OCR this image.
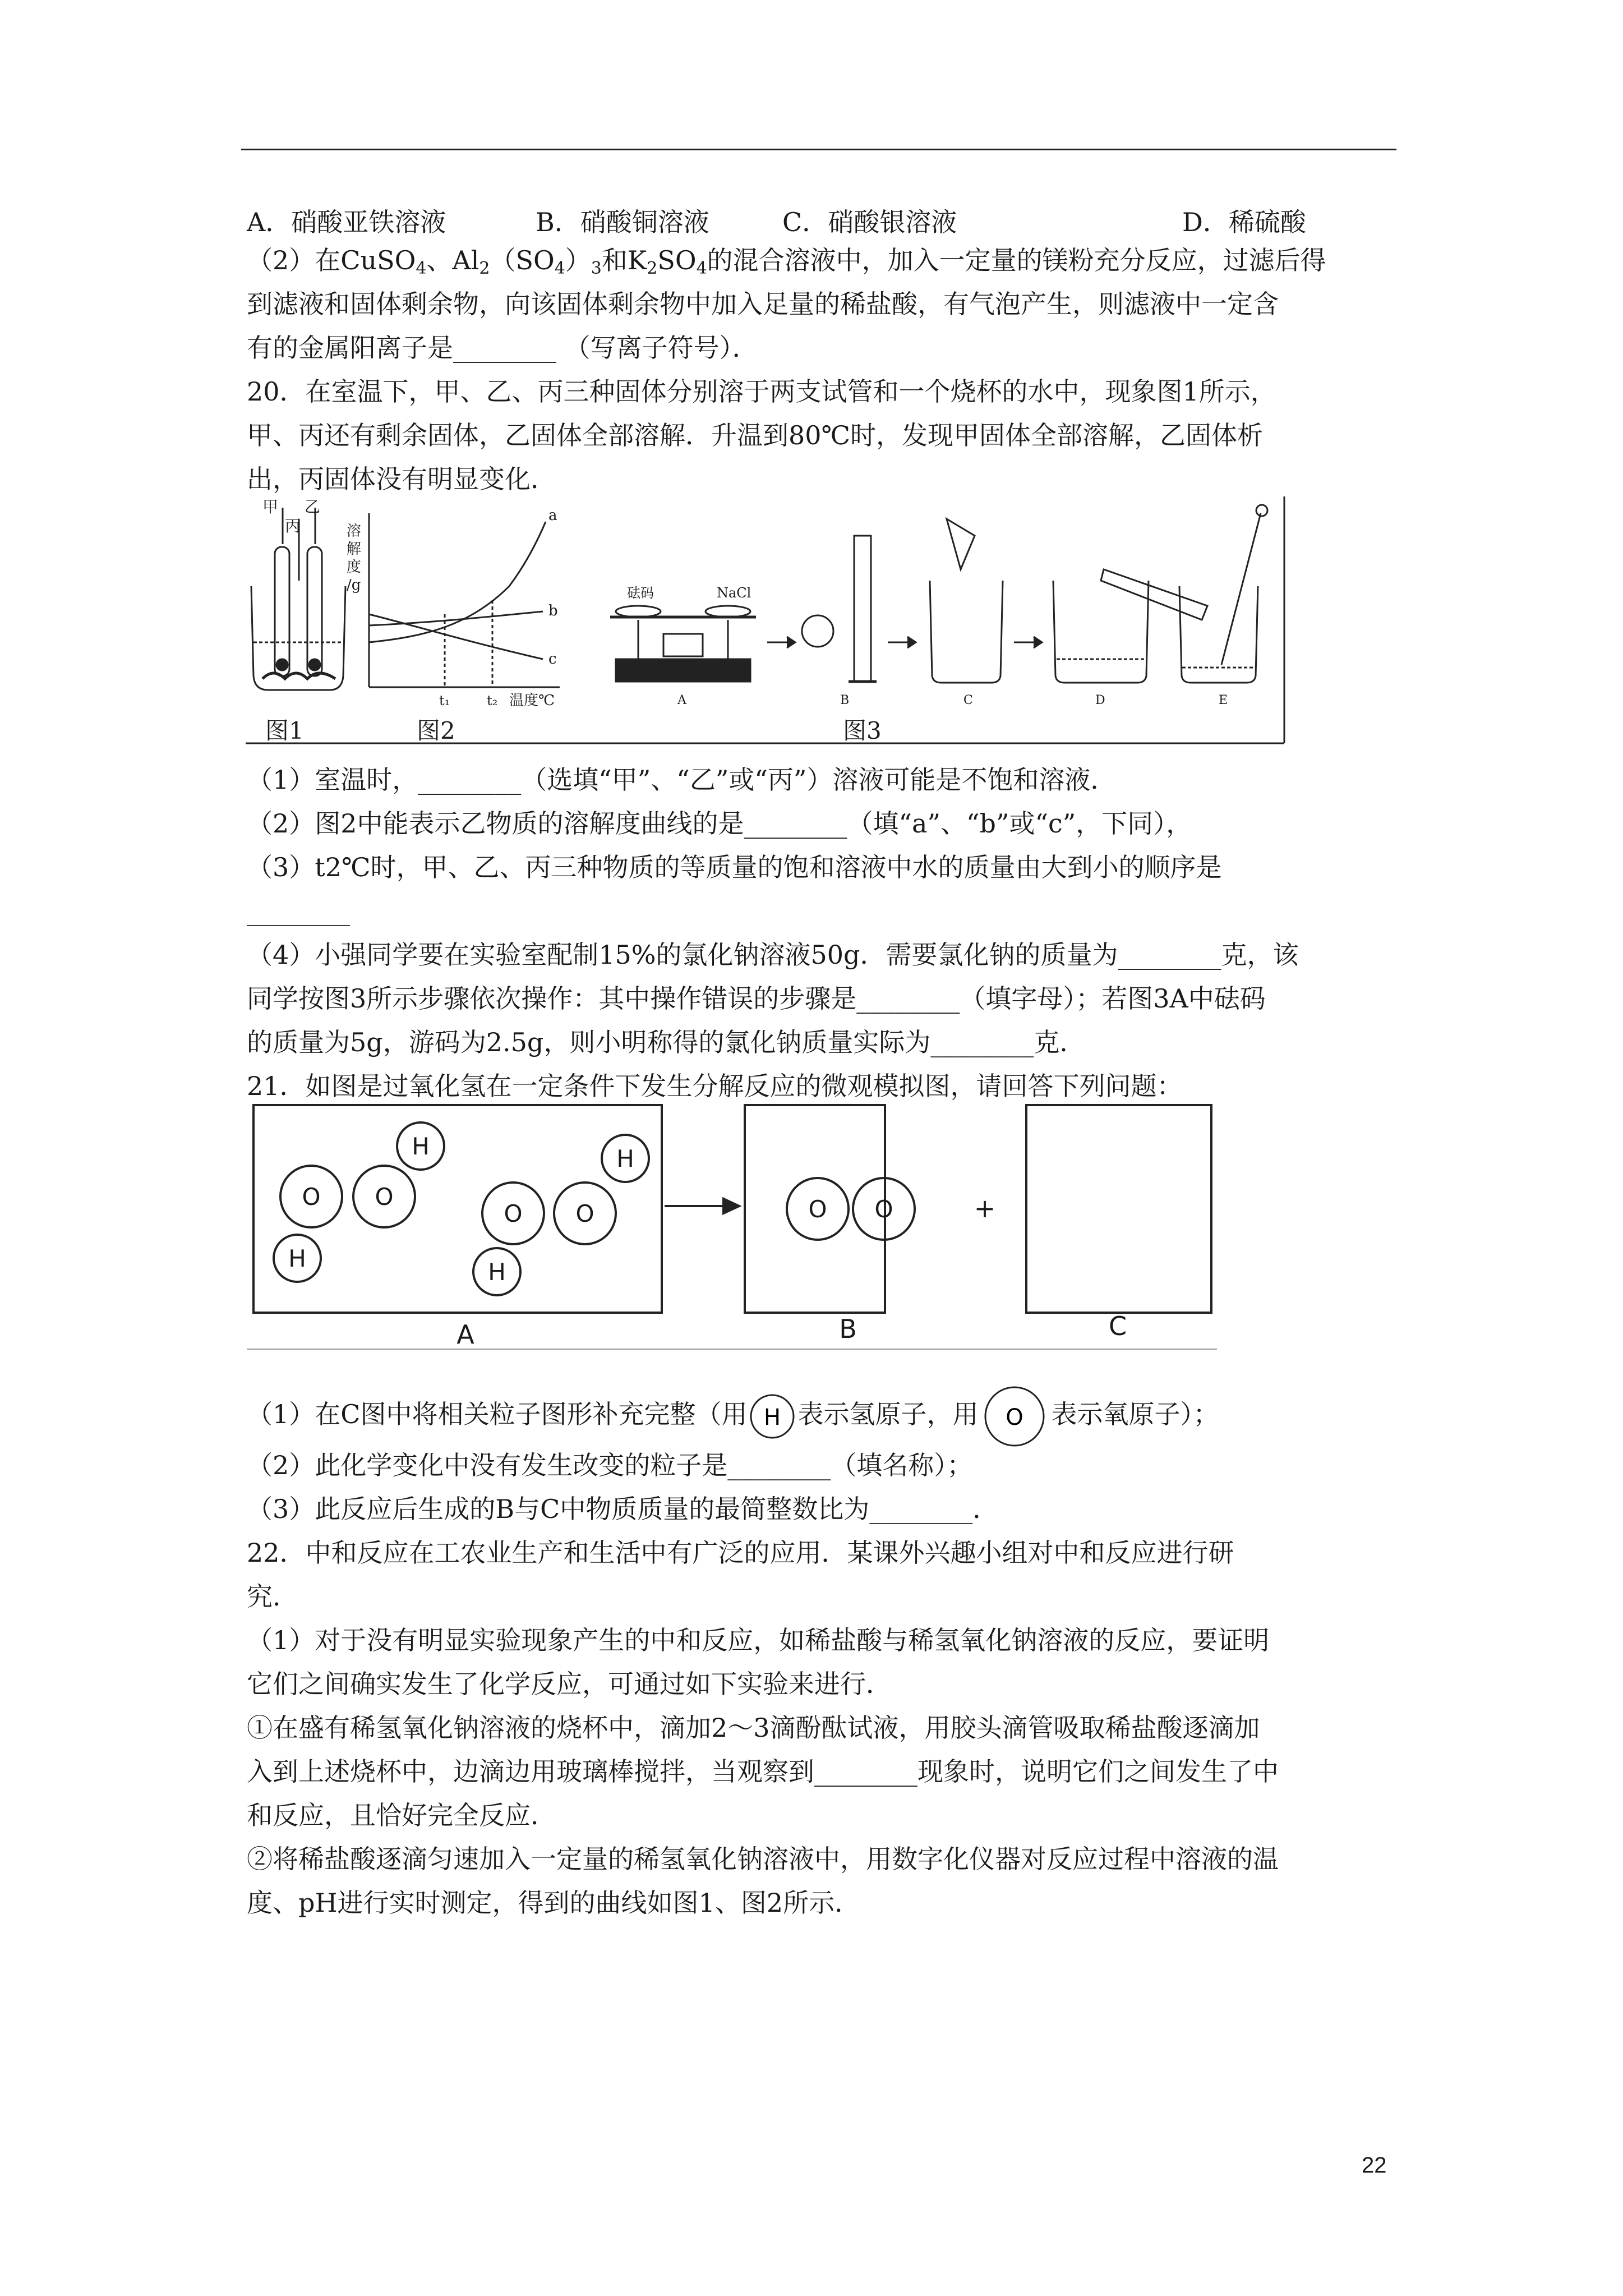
A．硝酸亚铁溶液	B．硝酸铜溶液	C．硝酸银溶液	D．稀硫酸
（2）在CuSO$_4$、$Al_2(SO_4)_3$和$K_2SO_4$的混合溶液中，加入一定量的镁粉充分反应，过滤后得
到滤液和固体剩余物，向该固体剩余物中加入足量的稀盐酸，有气泡产生，则滤液中一定含
有的金属阳离子是________ （写离子符号）．
20．在室温下，甲、乙、丙三种固体分别溶于两支试管和一个烧杯的水中，现象图1所示，
甲、丙还有剩余固体，乙固体全部溶解．升温到80℃时，发现甲固体全部溶解，乙固体析
出，丙固体没有明显变化．
甲 乙
丙	溶
解
度
/g
a
b
c
t₁	t₂ 温度℃
砝码	NaCl
A	B	C	D	E
图1	图2	图3
（1）室温时，________（选填“甲”、“乙”或“丙”）溶液可能是不饱和溶液．
（2）图2中能表示乙物质的溶解度曲线的是________（填“a”、“b”或“c”，下同），
（3）t2℃时，甲、乙、丙三种物质的等质量的饱和溶液中水的质量由大到小的顺序是
________
（4）小强同学要在实验室配制15%的氯化钠溶液50g．需要氯化钠的质量为________克，该
同学按图3所示步骤依次操作：其中操作错误的步骤是________（填字母）；若图3A中砝码
的质量为5g，游码为2.5g，则小明称得的氯化钠质量实际为________克．
21．如图是过氧化氢在一定条件下发生分解反应的微观模拟图，请回答下列问题：
O O
H
H
O O
H
H
O O	+
A	B	C
（1）在C图中将相关粒子图形补充完整（用 H 表示氢原子，用 O 表示氧原子）；
（2）此化学变化中没有发生改变的粒子是________（填名称）；
（3）此反应后生成的B与C中物质质量的最简整数比为________．
22．中和反应在工农业生产和生活中有广泛的应用．某课外兴趣小组对中和反应进行研
究．
（1）对于没有明显实验现象产生的中和反应，如稀盐酸与稀氢氧化钠溶液的反应，要证明
它们之间确实发生了化学反应，可通过如下实验来进行．
①在盛有稀氢氧化钠溶液的烧杯中，滴加2～3滴酚酞试液，用胶头滴管吸取稀盐酸逐滴加
入到上述烧杯中，边滴边用玻璃棒搅拌，当观察到________现象时，说明它们之间发生了中
和反应，且恰好完全反应．
②将稀盐酸逐滴匀速加入一定量的稀氢氧化钠溶液中，用数字化仪器对反应过程中溶液的温
度、pH进行实时测定，得到的曲线如图1、图2所示．
22
